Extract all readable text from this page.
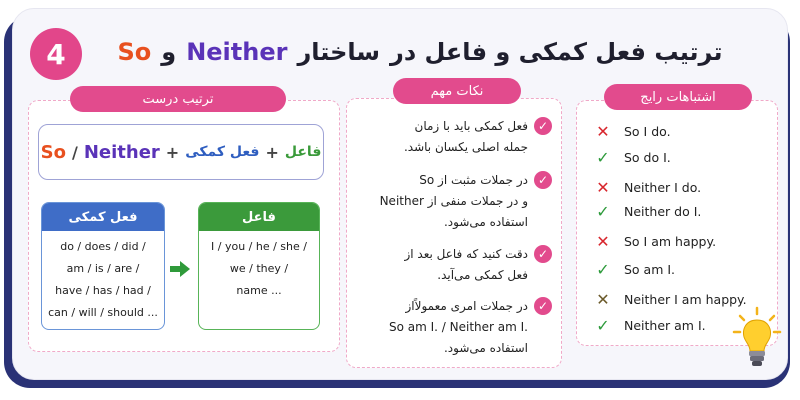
4	ترتیب فعل کمکی و فاعل در
ساختار
Neither
و
So
ترتیب درست
So / Neither + فعل کمکی + فاعل
فعل کمکی
do / does / did /
am / is / are /
have / has / had /
can / will / should ...
فاعل
I / you / he / she /
we / they /
name ...
نکات مهم
✓
فعل کمکی باید با زمان
جمله اصلی یکسان باشد.
✓
در جملات مثبت از So
و در جملات منفی از Neither
استفاده می‌شود.
✓
دقت کنید که فاعل بعد از
فعل کمکی می‌آید.
✓
در جملات امری معمولاًاز
So am I. / Neither am I.
استفاده می‌شود.
اشتباهات رایج
✕ So I do.
✓ So do I.
✕ Neither I do.
✓ Neither do I.
✕ So I am happy.
✓ So am I.
✕ Neither I am happy.
✓ Neither am I.
